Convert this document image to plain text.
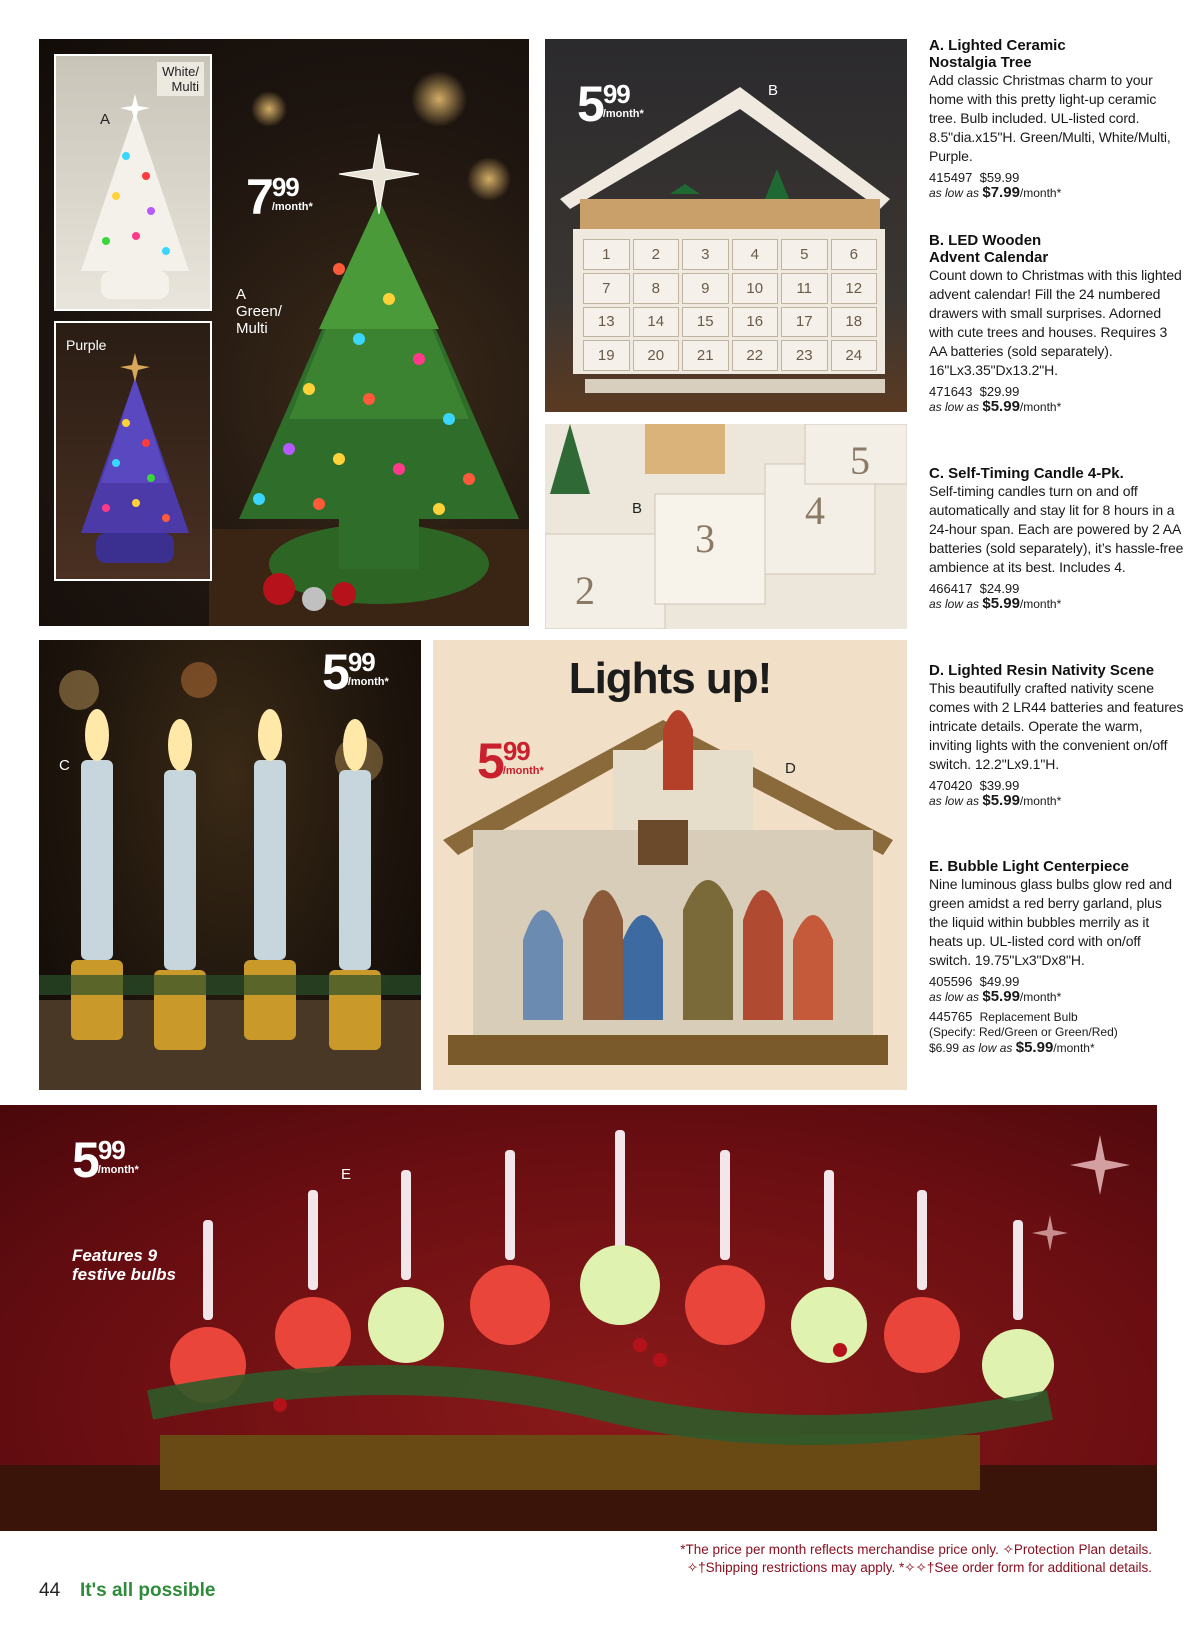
A
White/
Multi
Purple
7 99
/month*
A
Green/
Multi
1	2	3	4	5	6
7	8	9	10	11	12
13	14	15	16	17	18
19	20	21	22	23	24
5 99
/month*
B
2
3
4
5
B
5 99
/month*
C
Lights up!
5 99
/month*	D
5 99
/month*
Features 9
festive bulbs
E
A. Lighted Ceramic
Nostalgia Tree

Add classic Christmas charm to your home with this pretty light-up ceramic tree. Bulb included. UL-listed cord. 8.5"dia.x15"H. Green/Multi, White/Multi, Purple.

415497 $59.99
as low as $7.99/month*
B. LED Wooden
Advent Calendar

Count down to Christmas with this lighted advent calendar! Fill the 24 numbered drawers with small surprises. Adorned with cute trees and houses. Requires 3 AA batteries (sold separately). 16"Lx3.35"Dx13.2"H.

471643 $29.99
as low as $5.99/month*
C. Self-Timing Candle 4-Pk.

Self-timing candles turn on and off automatically and stay lit for 8 hours in a 24-hour span. Each are powered by 2 AA batteries (sold separately), it’s hassle-free ambience at its best. Includes 4.

466417 $24.99
as low as $5.99/month*
D. Lighted Resin Nativity Scene

This beautifully crafted nativity scene comes with 2 LR44 batteries and features intricate details. Operate the warm, inviting lights with the convenient on/off switch. 12.2"Lx9.1"H.

470420 $39.99
as low as $5.99/month*
E. Bubble Light Centerpiece

Nine luminous glass bulbs glow red and green amidst a red berry garland, plus the liquid within bubbles merrily as it heats up. UL-listed cord with on/off switch. 19.75"Lx3"Dx8"H.

405596 $49.99
as low as $5.99/month*
445765 Replacement Bulb
(Specify: Red/Green or Green/Red)
$6.99 as low as $5.99/month*
*The price per month reflects merchandise price only. ✧Protection Plan details.
✧†Shipping restrictions may apply. *✧✧†See order form for additional details.
44 It's all possible
